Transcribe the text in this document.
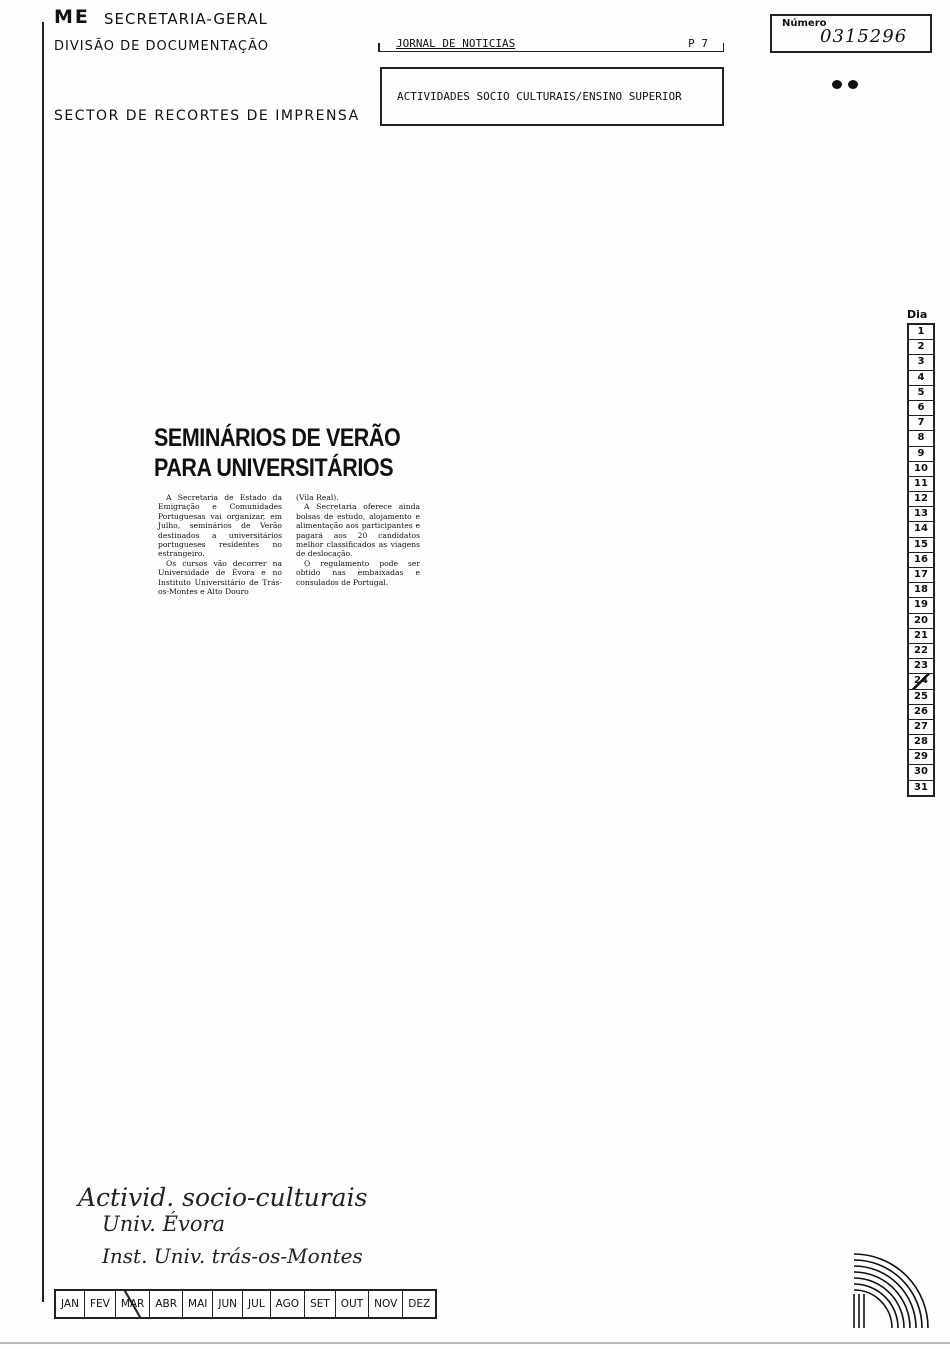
ME SECRETARIA-GERAL
DIVISÃO DE DOCUMENTAÇÃO
SECTOR DE RECORTES DE IMPRENSA
JORNAL DE NOTICIAS	P 7
ACTIVIDADES SOCIO CULTURAIS/ENSINO SUPERIOR
Número
0315296
Dia
1
2
3
4
5
6
7
8
9
10
11
12
13
14
15
16
17
18
19
20
21
22
23
24
25
26
27
28
29
30
31
SEMINÁRIOS DE VERÃO
PARA UNIVERSITÁRIOS

A Secretaria de Estado da Emigração e Comunidades Portuguesas vai organizar, em Julho, seminários de Verão destinados a universitários portugueses residentes no estrangeiro.

Os cursos vão decorrer na Universidade de Évora e no Instituto Universitário de Trás-os-Montes e Alto Douro

(Vila Real).

A Secretaria oferece ainda bolsas de estudo, alojamento e alimentação aos participantes e pagará aos 20 candidatos melhor classificados as viagens de deslocação.

O regulamento pode ser obtido nas embaixadas e consulados de Portugal.

Activid. socio-culturais
Univ. Évora
Inst. Univ. trás-os-Montes
JAN	FEV	MAR	ABR	MAI	JUN	JUL	AGO	SET	OUT	NOV	DEZ
